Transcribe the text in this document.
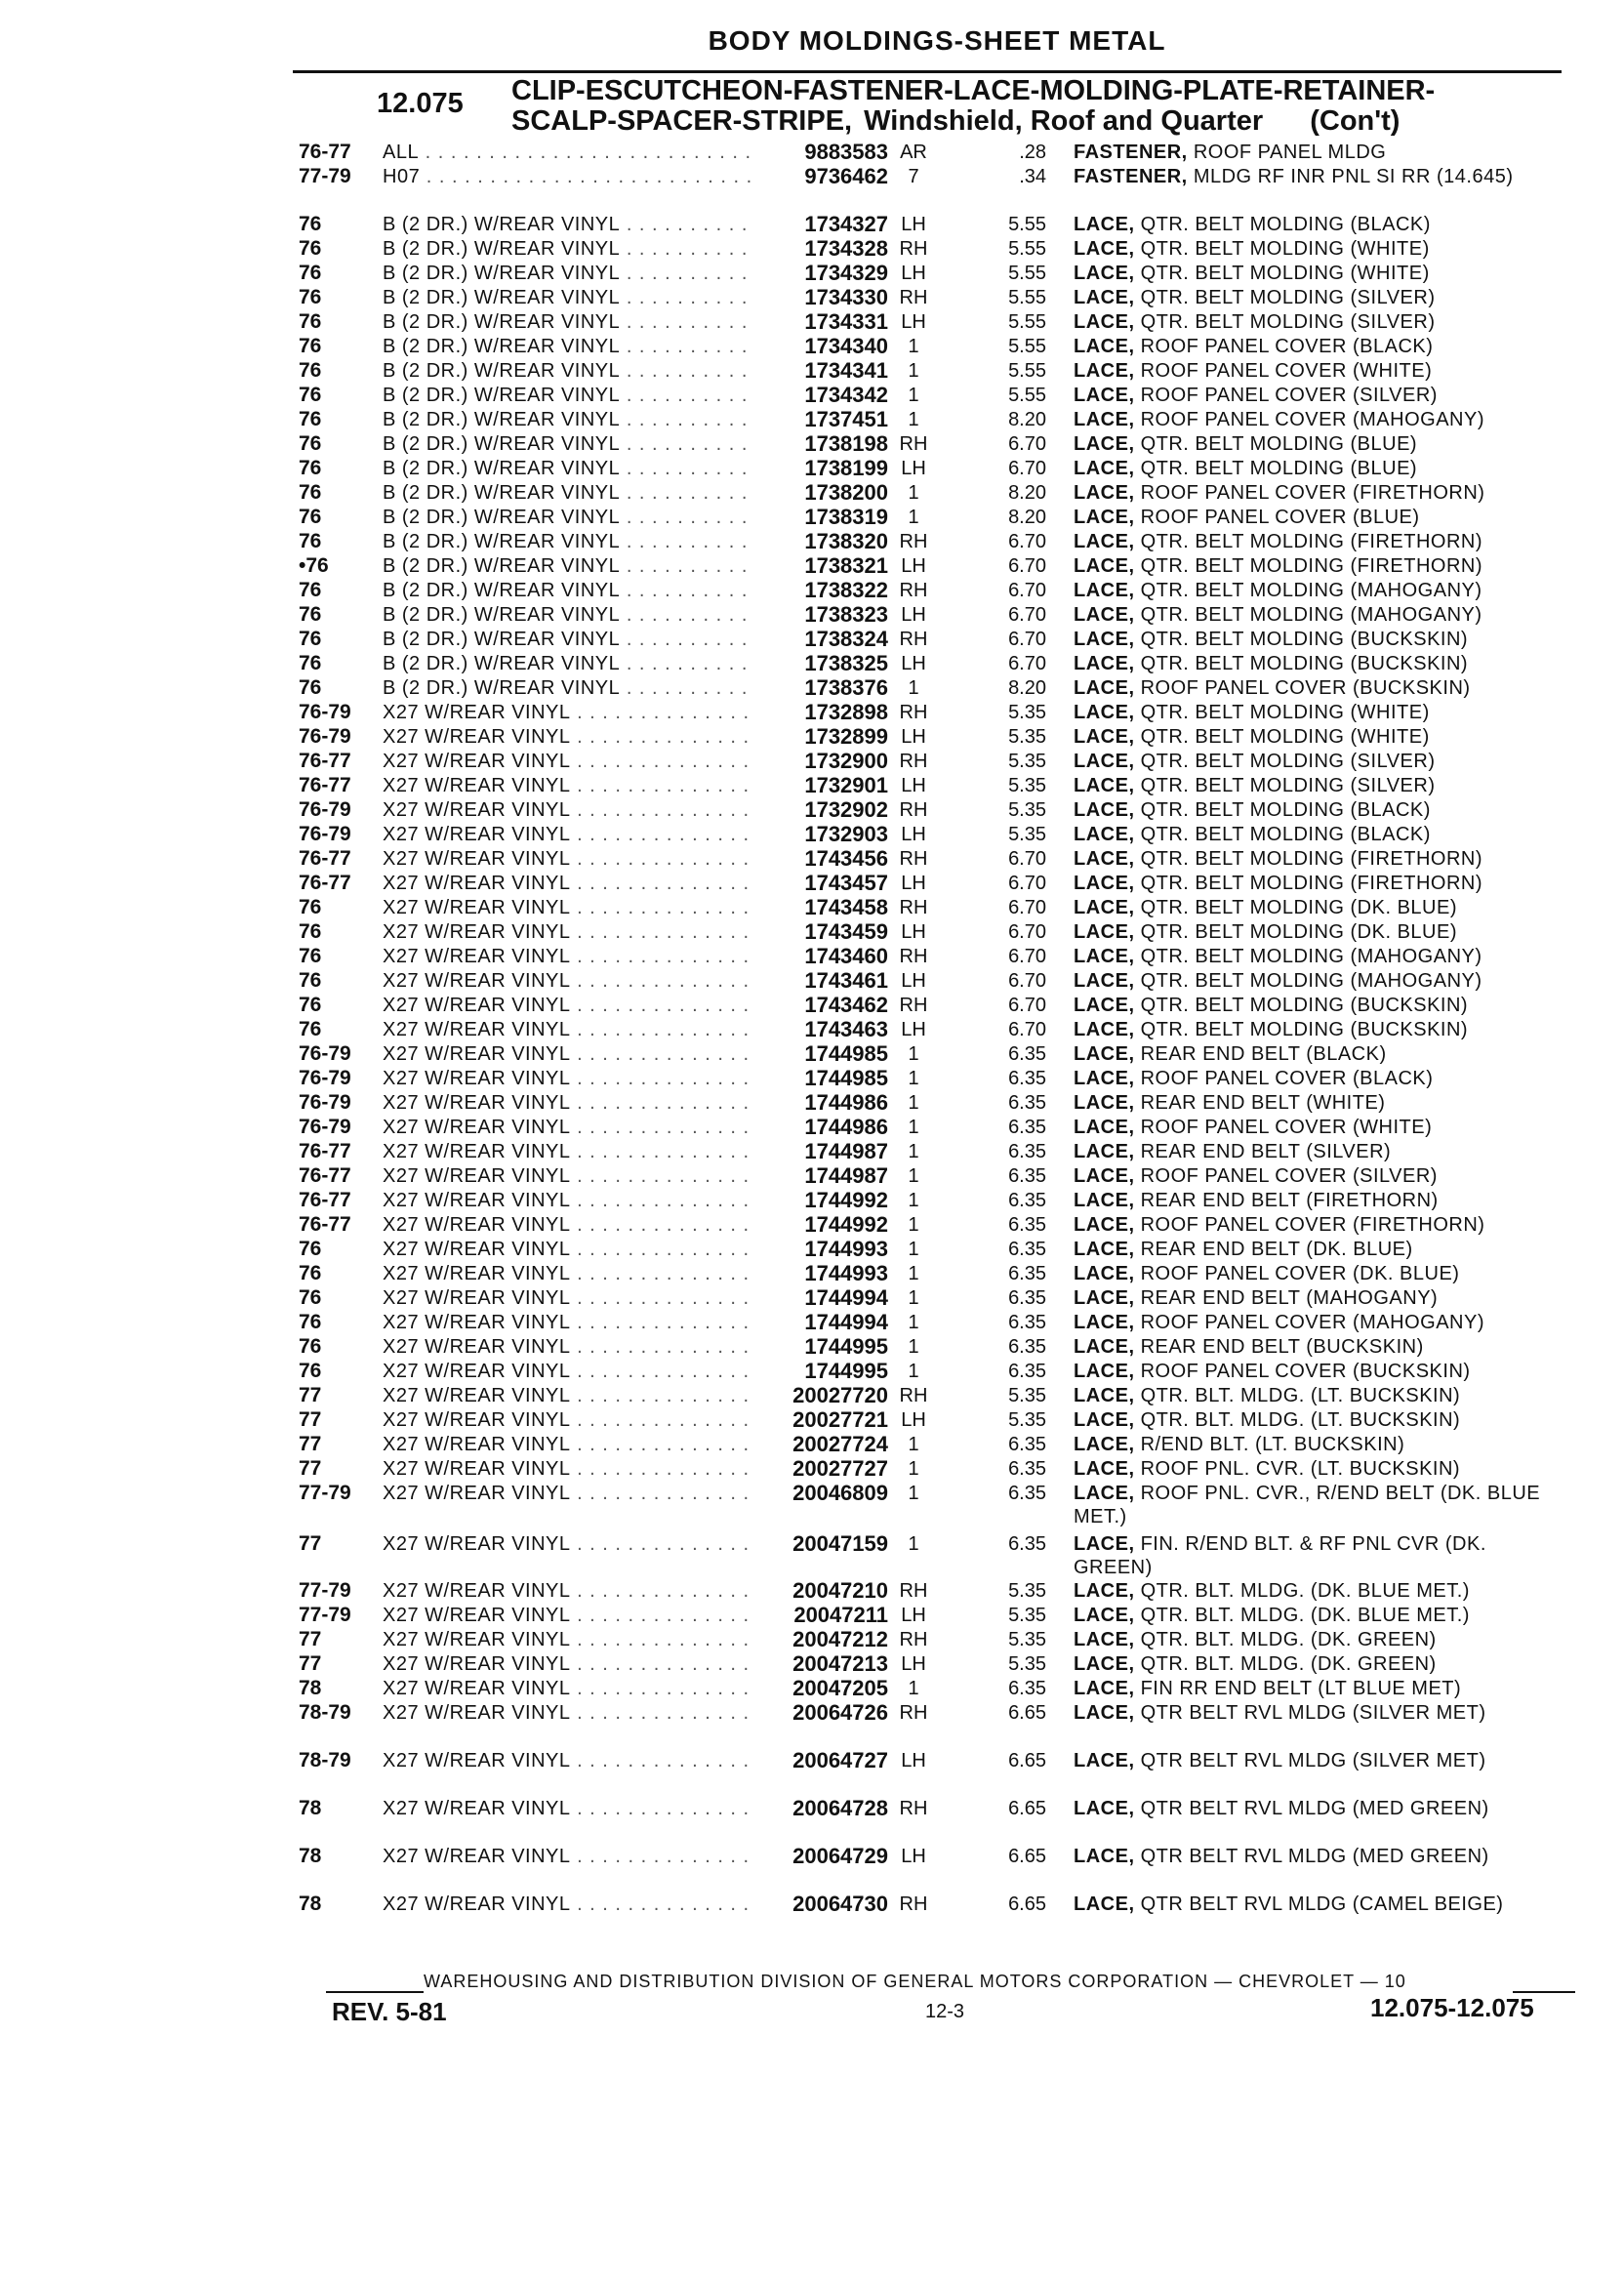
BODY MOLDINGS-SHEET METAL
12.075 CLIP-ESCUTCHEON-FASTENER-LACE-MOLDING-PLATE-RETAINER-
SCALP-SPACER-STRIPE, Windshield, Roof and Quarter (Con't)
76-77	ALL . . .	9883583 AR	.28 FASTENER, ROOF PANEL MLDG
77-79	H07 . . .	9736462	7	.34 FASTENER, MLDG RF INR PNL SI RR (14.645)
76	B (2 DR.) W/REAR VINYL . . .	1734327 LH	5.55 LACE, QTR. BELT MOLDING (BLACK)
76	B (2 DR.) W/REAR VINYL . . .	1734328 RH	5.55 LACE, QTR. BELT MOLDING (WHITE)
76	B (2 DR.) W/REAR VINYL . . .	1734329 LH	5.55 LACE, QTR. BELT MOLDING (WHITE)
76	B (2 DR.) W/REAR VINYL . . .	1734330 RH	5.55 LACE, QTR. BELT MOLDING (SILVER)
76	B (2 DR.) W/REAR VINYL . . .	1734331 LH	5.55 LACE, QTR. BELT MOLDING (SILVER)
76	B (2 DR.) W/REAR VINYL . . .	1734340	1	5.55 LACE, ROOF PANEL COVER (BLACK)
76	B (2 DR.) W/REAR VINYL . . .	1734341	1	5.55 LACE, ROOF PANEL COVER (WHITE)
76	B (2 DR.) W/REAR VINYL . . .	1734342	1	5.55 LACE, ROOF PANEL COVER (SILVER)
76	B (2 DR.) W/REAR VINYL . . .	1737451	1	8.20 LACE, ROOF PANEL COVER (MAHOGANY)
76	B (2 DR.) W/REAR VINYL . . .	1738198 RH	6.70 LACE, QTR. BELT MOLDING (BLUE)
76	B (2 DR.) W/REAR VINYL . . .	1738199 LH	6.70 LACE, QTR. BELT MOLDING (BLUE)
76	B (2 DR.) W/REAR VINYL . . .	1738200	1	8.20 LACE, ROOF PANEL COVER (FIRETHORN)
76	B (2 DR.) W/REAR VINYL . . .	1738319	1	8.20 LACE, ROOF PANEL COVER (BLUE)
76	B (2 DR.) W/REAR VINYL . . .	1738320 RH	6.70 LACE, QTR. BELT MOLDING (FIRETHORN)
•76	B (2 DR.) W/REAR VINYL . . .	1738321 LH	6.70 LACE, QTR. BELT MOLDING (FIRETHORN)
76	B (2 DR.) W/REAR VINYL . . .	1738322 RH	6.70 LACE, QTR. BELT MOLDING (MAHOGANY)
76	B (2 DR.) W/REAR VINYL . . .	1738323 LH	6.70 LACE, QTR. BELT MOLDING (MAHOGANY)
76	B (2 DR.) W/REAR VINYL . . .	1738324 RH	6.70 LACE, QTR. BELT MOLDING (BUCKSKIN)
76	B (2 DR.) W/REAR VINYL . . .	1738325 LH	6.70 LACE, QTR. BELT MOLDING (BUCKSKIN)
76	B (2 DR.) W/REAR VINYL . . .	1738376	1	8.20 LACE, ROOF PANEL COVER (BUCKSKIN)
76-79	X27 W/REAR VINYL . . .	1732898 RH	5.35 LACE, QTR. BELT MOLDING (WHITE)
76-79	X27 W/REAR VINYL . . .	1732899 LH	5.35 LACE, QTR. BELT MOLDING (WHITE)
76-77	X27 W/REAR VINYL . . .	1732900 RH	5.35 LACE, QTR. BELT MOLDING (SILVER)
76-77	X27 W/REAR VINYL . . .	1732901 LH	5.35 LACE, QTR. BELT MOLDING (SILVER)
76-79	X27 W/REAR VINYL . . .	1732902 RH	5.35 LACE, QTR. BELT MOLDING (BLACK)
76-79	X27 W/REAR VINYL . . .	1732903 LH	5.35 LACE, QTR. BELT MOLDING (BLACK)
76-77	X27 W/REAR VINYL . . .	1743456 RH	6.70 LACE, QTR. BELT MOLDING (FIRETHORN)
76-77	X27 W/REAR VINYL . . .	1743457 LH	6.70 LACE, QTR. BELT MOLDING (FIRETHORN)
76	X27 W/REAR VINYL . . .	1743458 RH	6.70 LACE, QTR. BELT MOLDING (DK. BLUE)
76	X27 W/REAR VINYL . . .	1743459 LH	6.70 LACE, QTR. BELT MOLDING (DK. BLUE)
76	X27 W/REAR VINYL . . .	1743460 RH	6.70 LACE, QTR. BELT MOLDING (MAHOGANY)
76	X27 W/REAR VINYL . . .	1743461 LH	6.70 LACE, QTR. BELT MOLDING (MAHOGANY)
76	X27 W/REAR VINYL . . .	1743462 RH	6.70 LACE, QTR. BELT MOLDING (BUCKSKIN)
76	X27 W/REAR VINYL . . .	1743463 LH	6.70 LACE, QTR. BELT MOLDING (BUCKSKIN)
76-79	X27 W/REAR VINYL . . .	1744985	1	6.35 LACE, REAR END BELT (BLACK)
76-79	X27 W/REAR VINYL . . .	1744985	1	6.35 LACE, ROOF PANEL COVER (BLACK)
76-79	X27 W/REAR VINYL . . .	1744986	1	6.35 LACE, REAR END BELT (WHITE)
76-79	X27 W/REAR VINYL . . .	1744986	1	6.35 LACE, ROOF PANEL COVER (WHITE)
76-77	X27 W/REAR VINYL . . .	1744987	1	6.35 LACE, REAR END BELT (SILVER)
76-77	X27 W/REAR VINYL . . .	1744987	1	6.35 LACE, ROOF PANEL COVER (SILVER)
76-77	X27 W/REAR VINYL . . .	1744992	1	6.35 LACE, REAR END BELT (FIRETHORN)
76-77	X27 W/REAR VINYL . . .	1744992	1	6.35 LACE, ROOF PANEL COVER (FIRETHORN)
76	X27 W/REAR VINYL . . .	1744993	1	6.35 LACE, REAR END BELT (DK. BLUE)
76	X27 W/REAR VINYL . . .	1744993	1	6.35 LACE, ROOF PANEL COVER (DK. BLUE)
76	X27 W/REAR VINYL . . .	1744994	1	6.35 LACE, REAR END BELT (MAHOGANY)
76	X27 W/REAR VINYL . . .	1744994	1	6.35 LACE, ROOF PANEL COVER (MAHOGANY)
76	X27 W/REAR VINYL . . .	1744995	1	6.35 LACE, REAR END BELT (BUCKSKIN)
76	X27 W/REAR VINYL . . .	1744995	1	6.35 LACE, ROOF PANEL COVER (BUCKSKIN)
77	X27 W/REAR VINYL . . .	20027720 RH	5.35 LACE, QTR. BLT. MLDG. (LT. BUCKSKIN)
77	X27 W/REAR VINYL . . .	20027721 LH	5.35 LACE, QTR. BLT. MLDG. (LT. BUCKSKIN)
77	X27 W/REAR VINYL . . .	20027724	1	6.35 LACE, R/END BLT. (LT. BUCKSKIN)
77	X27 W/REAR VINYL . . .	20027727	1	6.35 LACE, ROOF PNL. CVR. (LT. BUCKSKIN)
77-79	X27 W/REAR VINYL . . .	20046809	1	6.35 LACE, ROOF PNL. CVR., R/END BELT (DK. BLUE MET.)
77	X27 W/REAR VINYL . . .	20047159	1	6.35 LACE, FIN. R/END BLT. & RF PNL CVR (DK. GREEN)
77-79	X27 W/REAR VINYL . . .	20047210 RH	5.35 LACE, QTR. BLT. MLDG. (DK. BLUE MET.)
77-79	X27 W/REAR VINYL . . .	20047211 LH	5.35 LACE, QTR. BLT. MLDG. (DK. BLUE MET.)
77	X27 W/REAR VINYL . . .	20047212 RH	5.35 LACE, QTR. BLT. MLDG. (DK. GREEN)
77	X27 W/REAR VINYL . . .	20047213 LH	5.35 LACE, QTR. BLT. MLDG. (DK. GREEN)
78	X27 W/REAR VINYL . . .	20047205	1	6.35 LACE, FIN RR END BELT (LT BLUE MET)
78-79	X27 W/REAR VINYL . . .	20064726 RH	6.65 LACE, QTR BELT RVL MLDG (SILVER MET)
78-79	X27 W/REAR VINYL . . .	20064727 LH	6.65 LACE, QTR BELT RVL MLDG (SILVER MET)
78	X27 W/REAR VINYL . . .	20064728 RH	6.65 LACE, QTR BELT RVL MLDG (MED GREEN)
78	X27 W/REAR VINYL . . .	20064729 LH	6.65 LACE, QTR BELT RVL MLDG (MED GREEN)
78	X27 W/REAR VINYL . . .	20064730 RH	6.65 LACE, QTR BELT RVL MLDG (CAMEL BEIGE)
WAREHOUSING AND DISTRIBUTION DIVISION OF GENERAL MOTORS CORPORATION — CHEVROLET — 10
REV. 5-81	12-3	12.075-12.075
